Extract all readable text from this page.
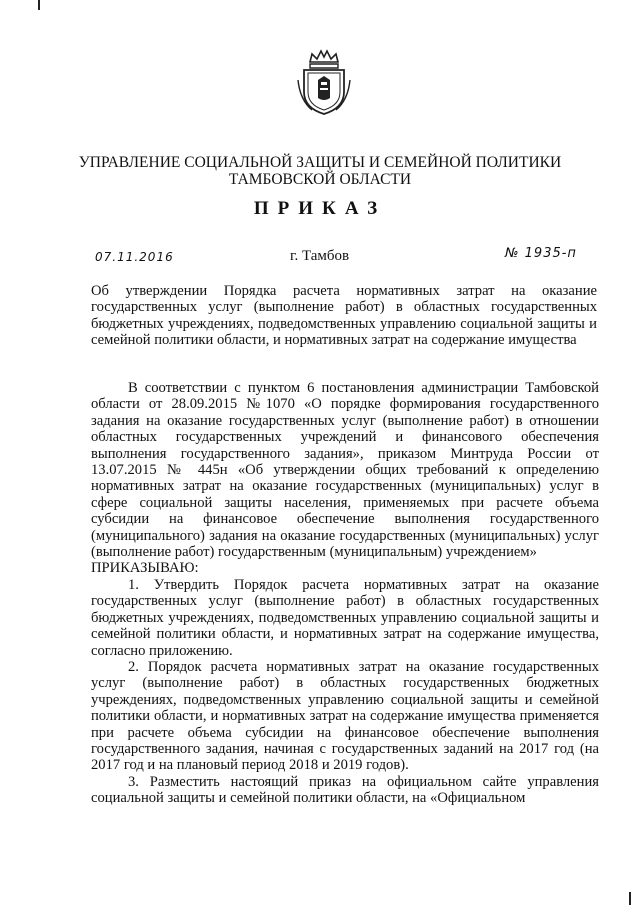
УПРАВЛЕНИЕ СОЦИАЛЬНОЙ ЗАЩИТЫ И СЕМЕЙНОЙ ПОЛИТИКИ
ТАМБОВСКОЙ ОБЛАСТИ
ПРИКАЗ
07.11.2016	г. Тамбов	№ 1935-п
Об утверждении Порядка расчета нормативных затрат на оказание государственных услуг (выполнение работ) в областных государственных бюджетных учреждениях, подведомственных управлению социальной защиты и семейной политики области, и нормативных затрат на содержание имущества

В соответствии с пунктом 6 постановления администрации Тамбовской области от 28.09.2015 №1070 «О порядке формирования государственного задания на оказание государственных услуг (выполнение работ) в отношении областных государственных учреждений и финансового обеспечения выполнения государственного задания», приказом Минтруда России от 13.07.2015 № 445н «Об утверждении общих требований к определению нормативных затрат на оказание государственных (муниципальных) услуг в сфере социальной защиты населения, применяемых при расчете объема субсидии на финансовое обеспечение выполнения государственного (муниципального) задания на оказание государственных (муниципальных) услуг (выполнение работ) государственным (муниципальным) учреждением»

ПРИКАЗЫВАЮ:

1. Утвердить Порядок расчета нормативных затрат на оказание государственных услуг (выполнение работ) в областных государственных бюджетных учреждениях, подведомственных управлению социальной защиты и семейной политики области, и нормативных затрат на содержание имущества, согласно приложению.

2. Порядок расчета нормативных затрат на оказание государственных услуг (выполнение работ) в областных государственных бюджетных учреждениях, подведомственных управлению социальной защиты и семейной политики области, и нормативных затрат на содержание имущества применяется при расчете объема субсидии на финансовое обеспечение выполнения государственного задания, начиная с государственных заданий на 2017 год (на 2017 год и на плановый период 2018 и 2019 годов).

3. Разместить настоящий приказ на официальном сайте управления социальной защиты и семейной политики области, на «Официальном
